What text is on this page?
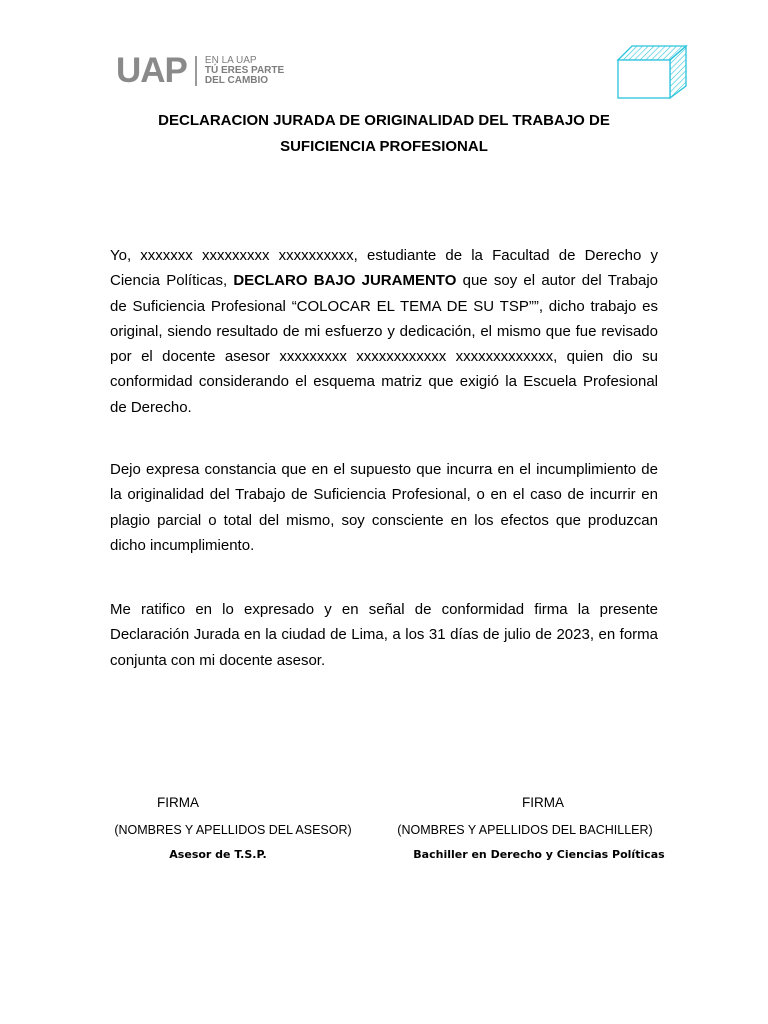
UAP EN LA UAP
TÚ ERES PARTE
DEL CAMBIO
DECLARACION JURADA DE ORIGINALIDAD DEL TRABAJO DE
SUFICIENCIA PROFESIONAL
Yo, xxxxxxx xxxxxxxxx xxxxxxxxxx, estudiante de la Facultad de Derecho y Ciencia Políticas, DECLARO BAJO JURAMENTO que soy el autor del Trabajo de Suficiencia Profesional “COLOCAR EL TEMA DE SU TSP””, dicho trabajo es original, siendo resultado de mi esfuerzo y dedicación, el mismo que fue revisado por el docente asesor xxxxxxxxx xxxxxxxxxxxx xxxxxxxxxxxxx, quien dio su conformidad considerando el esquema matriz que exigió la Escuela Profesional de Derecho.
Dejo expresa constancia que en el supuesto que incurra en el incumplimiento de la originalidad del Trabajo de Suficiencia Profesional, o en el caso de incurrir en plagio parcial o total del mismo, soy consciente en los efectos que produzcan dicho incumplimiento.
Me ratifico en lo expresado y en señal de conformidad firma la presente Declaración Jurada en la ciudad de Lima, a los 31 días de julio de 2023, en forma conjunta con mi docente asesor.
FIRMA	FIRMA
(NOMBRES Y APELLIDOS DEL ASESOR)	(NOMBRES Y APELLIDOS DEL BACHILLER)
Asesor de T.S.P.	Bachiller en Derecho y Ciencias Políticas
